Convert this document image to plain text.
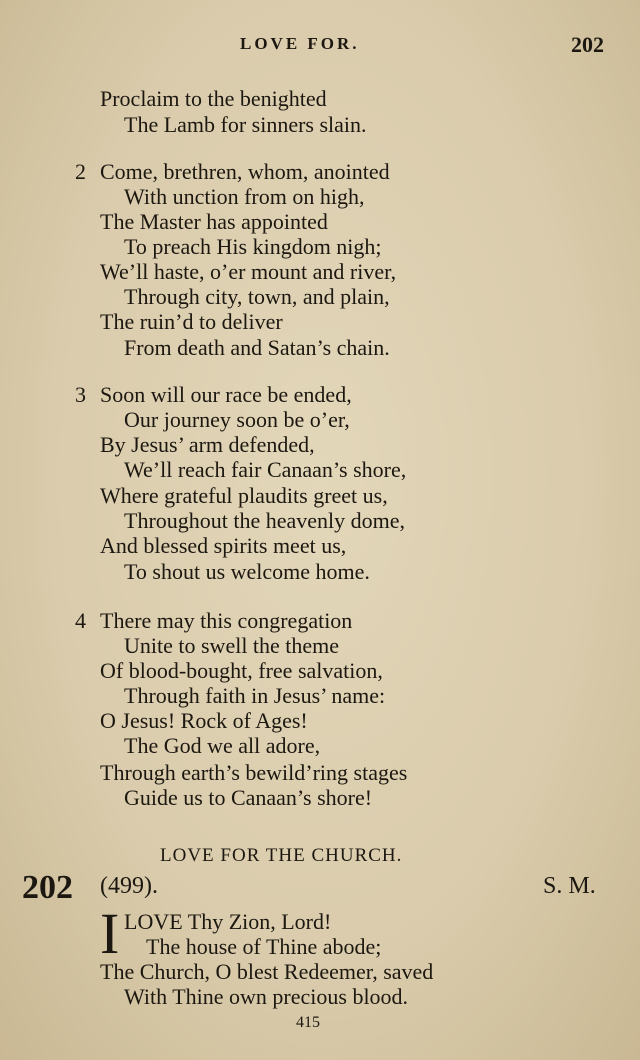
LOVE FOR.	202
Proclaim to the benighted
The Lamb for sinners slain.
2 Come, brethren, whom, anointed
With unction from on high,
The Master has appointed
To preach His kingdom nigh;
We’ll haste, o’er mount and river,
Through city, town, and plain,
The ruin’d to deliver
From death and Satan’s chain.
3 Soon will our race be ended,
Our journey soon be o’er,
By Jesus’ arm defended,
We’ll reach fair Canaan’s shore,
Where grateful plaudits greet us,
Throughout the heavenly dome,
And blessed spirits meet us,
To shout us welcome home.
4 There may this congregation
Unite to swell the theme
Of blood-bought, free salvation,
Through faith in Jesus’ name:
O Jesus! Rock of Ages!
The God we all adore,
Through earth’s bewild’ring stages
Guide us to Canaan’s shore!
LOVE FOR THE CHURCH.
202 (499).	S. M.
I LOVE Thy Zion, Lord!
The house of Thine abode;
The Church, O blest Redeemer, saved
With Thine own precious blood.
415
